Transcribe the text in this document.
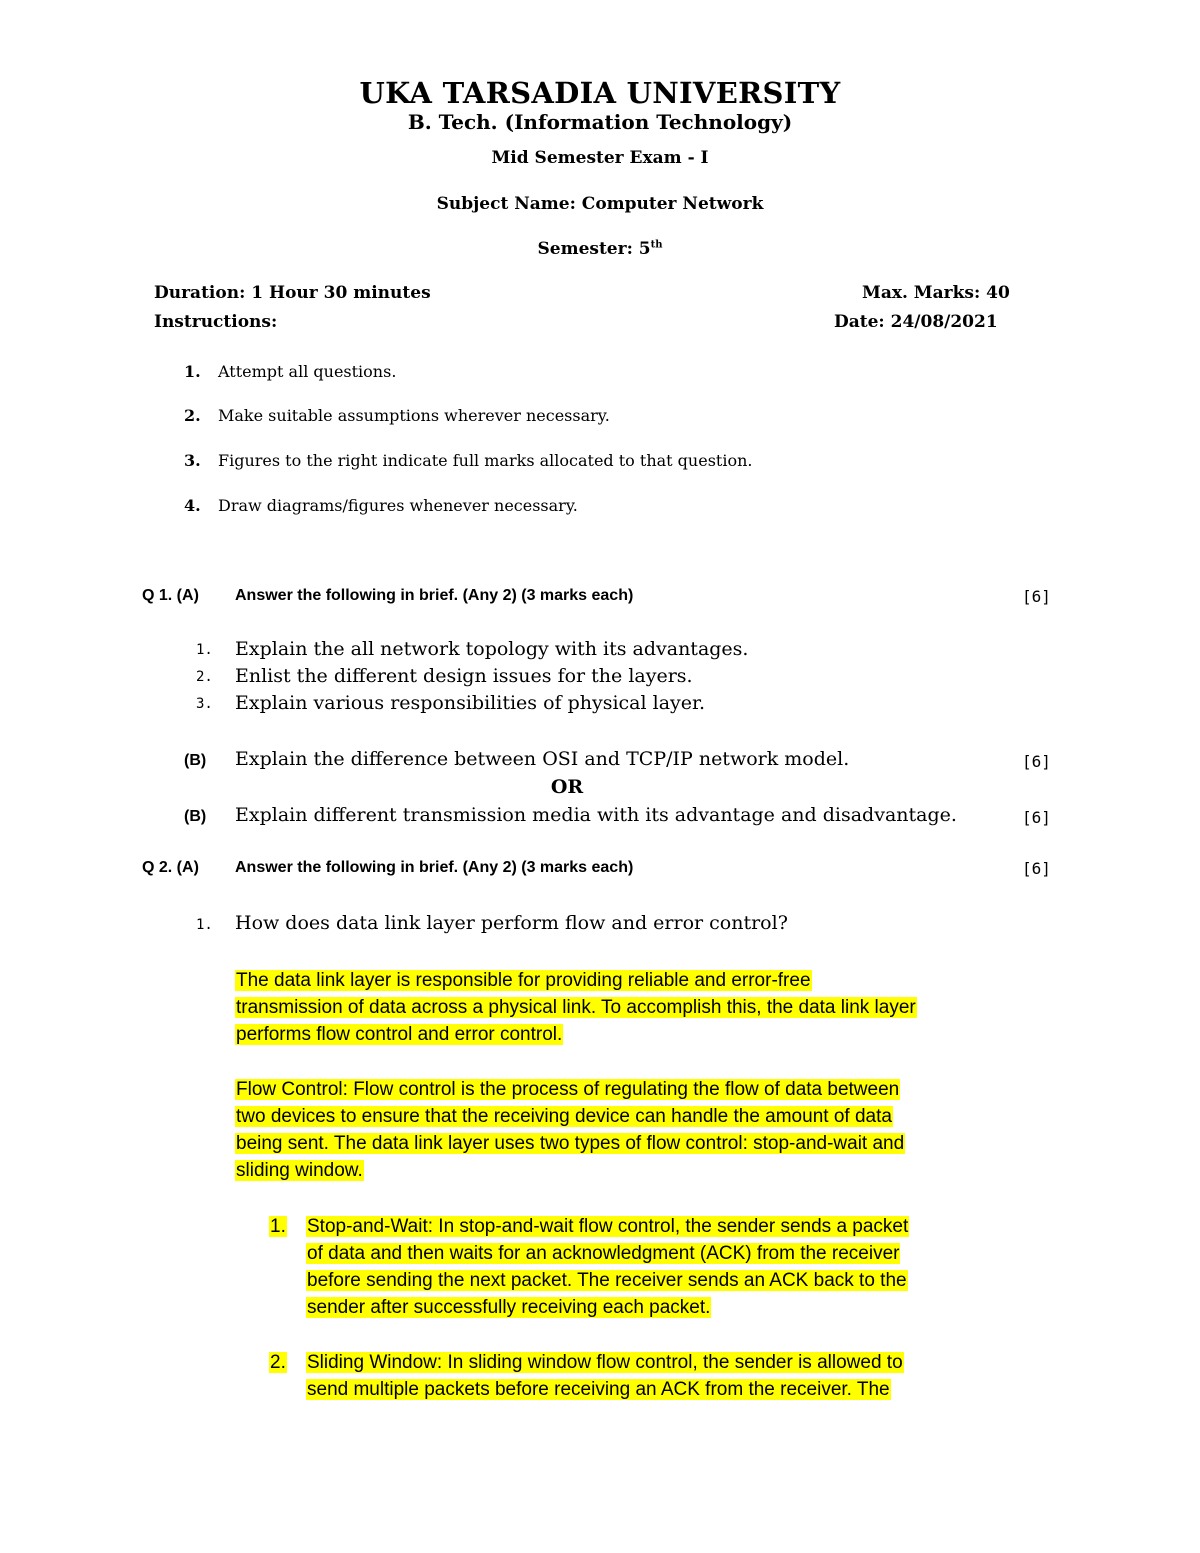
UKA TARSADIA UNIVERSITY
B. Tech. (Information Technology)
Mid Semester Exam - I
Subject Name: Computer Network
Semester: 5th
Duration: 1 Hour 30 minutes	Max. Marks: 40
Instructions:	Date: 24/08/2021
1. Attempt all questions.
2. Make suitable assumptions wherever necessary.
3. Figures to the right indicate full marks allocated to that question.
4. Draw diagrams/figures whenever necessary.
Q 1. (A) Answer the following in brief. (Any 2) (3 marks each)	[6]
1. Explain the all network topology with its advantages.
2. Enlist the different design issues for the layers.
3. Explain various responsibilities of physical layer.
(B) Explain the difference between OSI and TCP/IP network model.	[6]
OR
(B) Explain different transmission media with its advantage and disadvantage.	[6]
Q 2. (A) Answer the following in brief. (Any 2) (3 marks each)	[6]
1. How does data link layer perform flow and error control?
The data link layer is responsible for providing reliable and error-free
transmission of data across a physical link. To accomplish this, the data link layer
performs flow control and error control.
Flow Control: Flow control is the process of regulating the flow of data between
two devices to ensure that the receiving device can handle the amount of data
being sent. The data link layer uses two types of flow control: stop-and-wait and
sliding window.
1. Stop-and-Wait: In stop-and-wait flow control, the sender sends a packet
of data and then waits for an acknowledgment (ACK) from the receiver
before sending the next packet. The receiver sends an ACK back to the
sender after successfully receiving each packet.
2. Sliding Window: In sliding window flow control, the sender is allowed to
send multiple packets before receiving an ACK from the receiver. The
